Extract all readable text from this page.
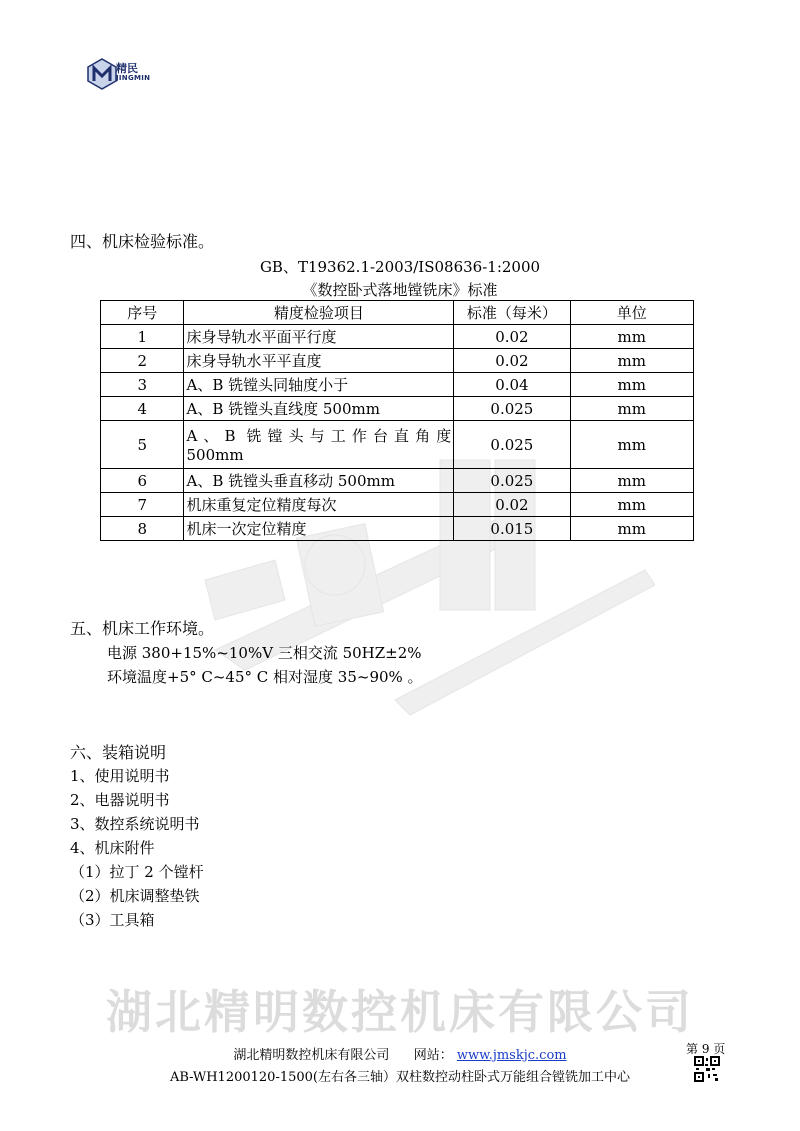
精民
JINGMIN
四、机床检验标准。
GB、T19362.1-2003/IS08636-1:2000
《数控卧式落地镗铣床》标准
序号	精度检验项目	标准（每米）	单位
1	床身导轨水平面平行度	0.02	mm
2	床身导轨水平平直度	0.02	mm
3	A、B 铣镗头同轴度小于	0.04	mm
4	A、B 铣镗头直线度 500mm	0.025	mm
5	A、B 铣镗头与工作台直角度
500mm	0.025	mm
6	A、B 铣镗头垂直移动 500mm	0.025	mm
7	机床重复定位精度每次	0.02	mm
8	机床一次定位精度	0.015	mm
五、机床工作环境。
电源 380+15%~10%V 三相交流 50HZ±2%
环境温度+5° C~45° C 相对湿度 35~90% 。
六、装箱说明
1、使用说明书
2、电器说明书
3、数控系统说明书
4、机床附件
（1）拉丁 2 个镗杆
（2）机床调整垫铁
（3）工具箱
湖北精明数控机床有限公司
湖北精明数控机床有限公司 网站： www.jmskjc.com	第 9 页
AB-WH1200120-1500(左右各三轴）双柱数控动柱卧式万能组合镗铣加工中心
